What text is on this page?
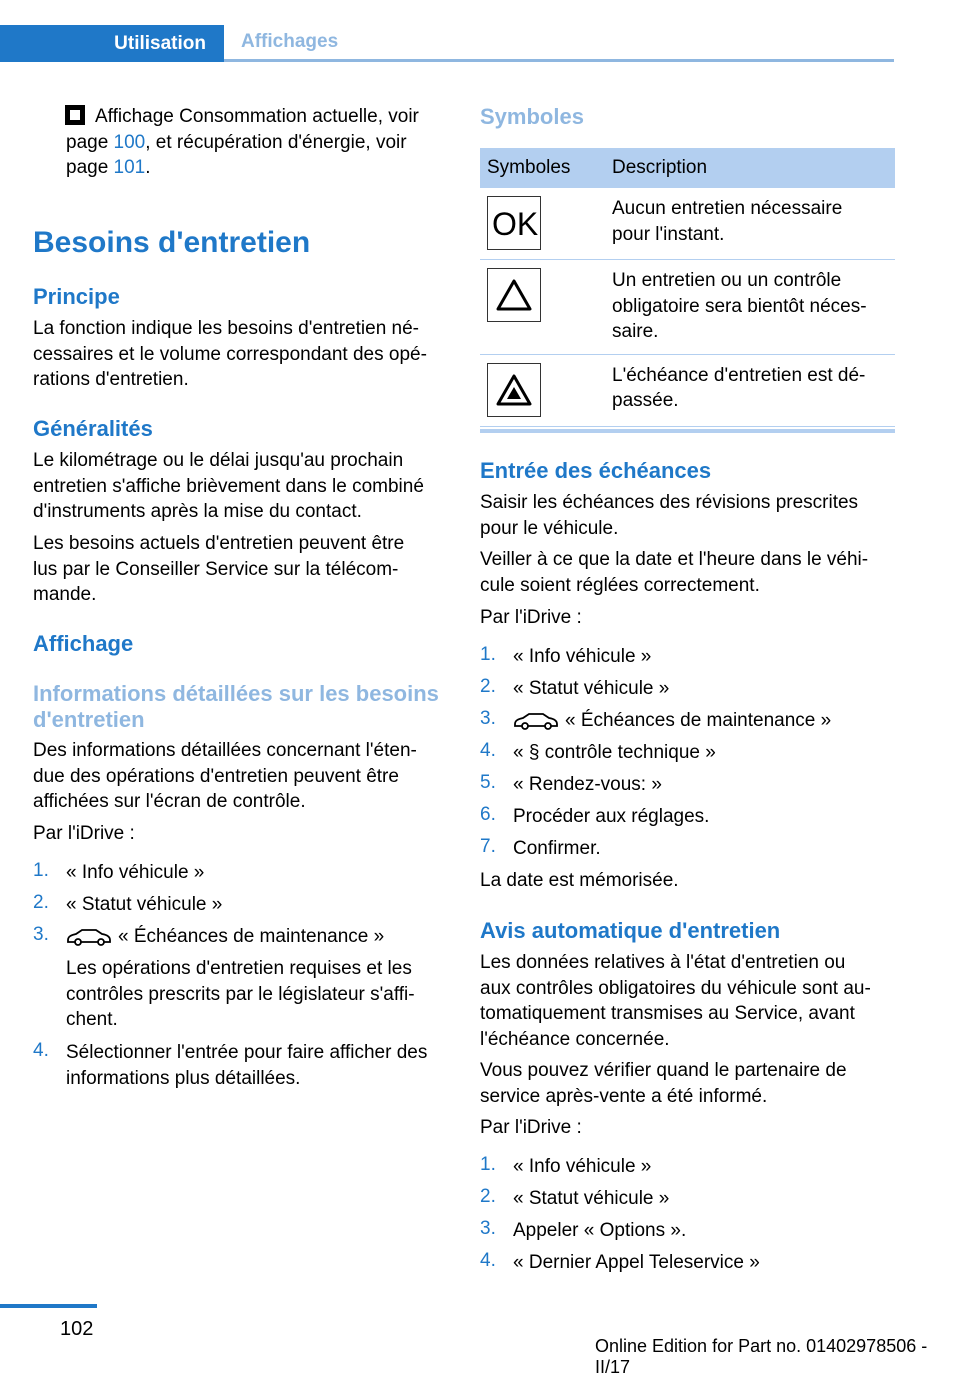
Utilisation	Affichages
Affichage Consommation actuelle, voir
page 100, et récupération d'énergie, voir
page 101.
Besoins d'entretien
Principe
La fonction indique les besoins d'entretien né-
cessaires et le volume correspondant des opé-
rations d'entretien.
Généralités
Le kilométrage ou le délai jusqu'au prochain
entretien s'affiche brièvement dans le combiné
d'instruments après la mise du contact.
Les besoins actuels d'entretien peuvent être
lus par le Conseiller Service sur la télécom-
mande.
Affichage
Informations détaillées sur les besoins
d'entretien
Des informations détaillées concernant l'éten-
due des opérations d'entretien peuvent être
affichées sur l'écran de contrôle.
Par l'iDrive :
1. « Info véhicule »
2. « Statut véhicule »
3.	« Échéances de maintenance »
Les opérations d'entretien requises et les
contrôles prescrits par le législateur s'affi-
chent.
4. Sélectionner l'entrée pour faire afficher des
informations plus détaillées.
Symboles
Symboles	Description

OK	Aucun entretien nécessaire
pour l'instant.

Un entretien ou un contrôle
obligatoire sera bientôt néces-
saire.

L'échéance d'entretien est dé-
passée.
Entrée des échéances
Saisir les échéances des révisions prescrites
pour le véhicule.
Veiller à ce que la date et l'heure dans le véhi-
cule soient réglées correctement.
Par l'iDrive :
1. « Info véhicule »
2. « Statut véhicule »
3.	« Échéances de maintenance »
4. « § contrôle technique »
5. « Rendez-vous: »
6. Procéder aux réglages.
7. Confirmer.
La date est mémorisée.
Avis automatique d'entretien
Les données relatives à l'état d'entretien ou
aux contrôles obligatoires du véhicule sont au-
tomatiquement transmises au Service, avant
l'échéance concernée.
Vous pouvez vérifier quand le partenaire de
service après-vente a été informé.
Par l'iDrive :
1. « Info véhicule »
2. « Statut véhicule »
3. Appeler « Options ».
4. « Dernier Appel Teleservice »
102
Online Edition for Part no. 01402978506 - II/17
